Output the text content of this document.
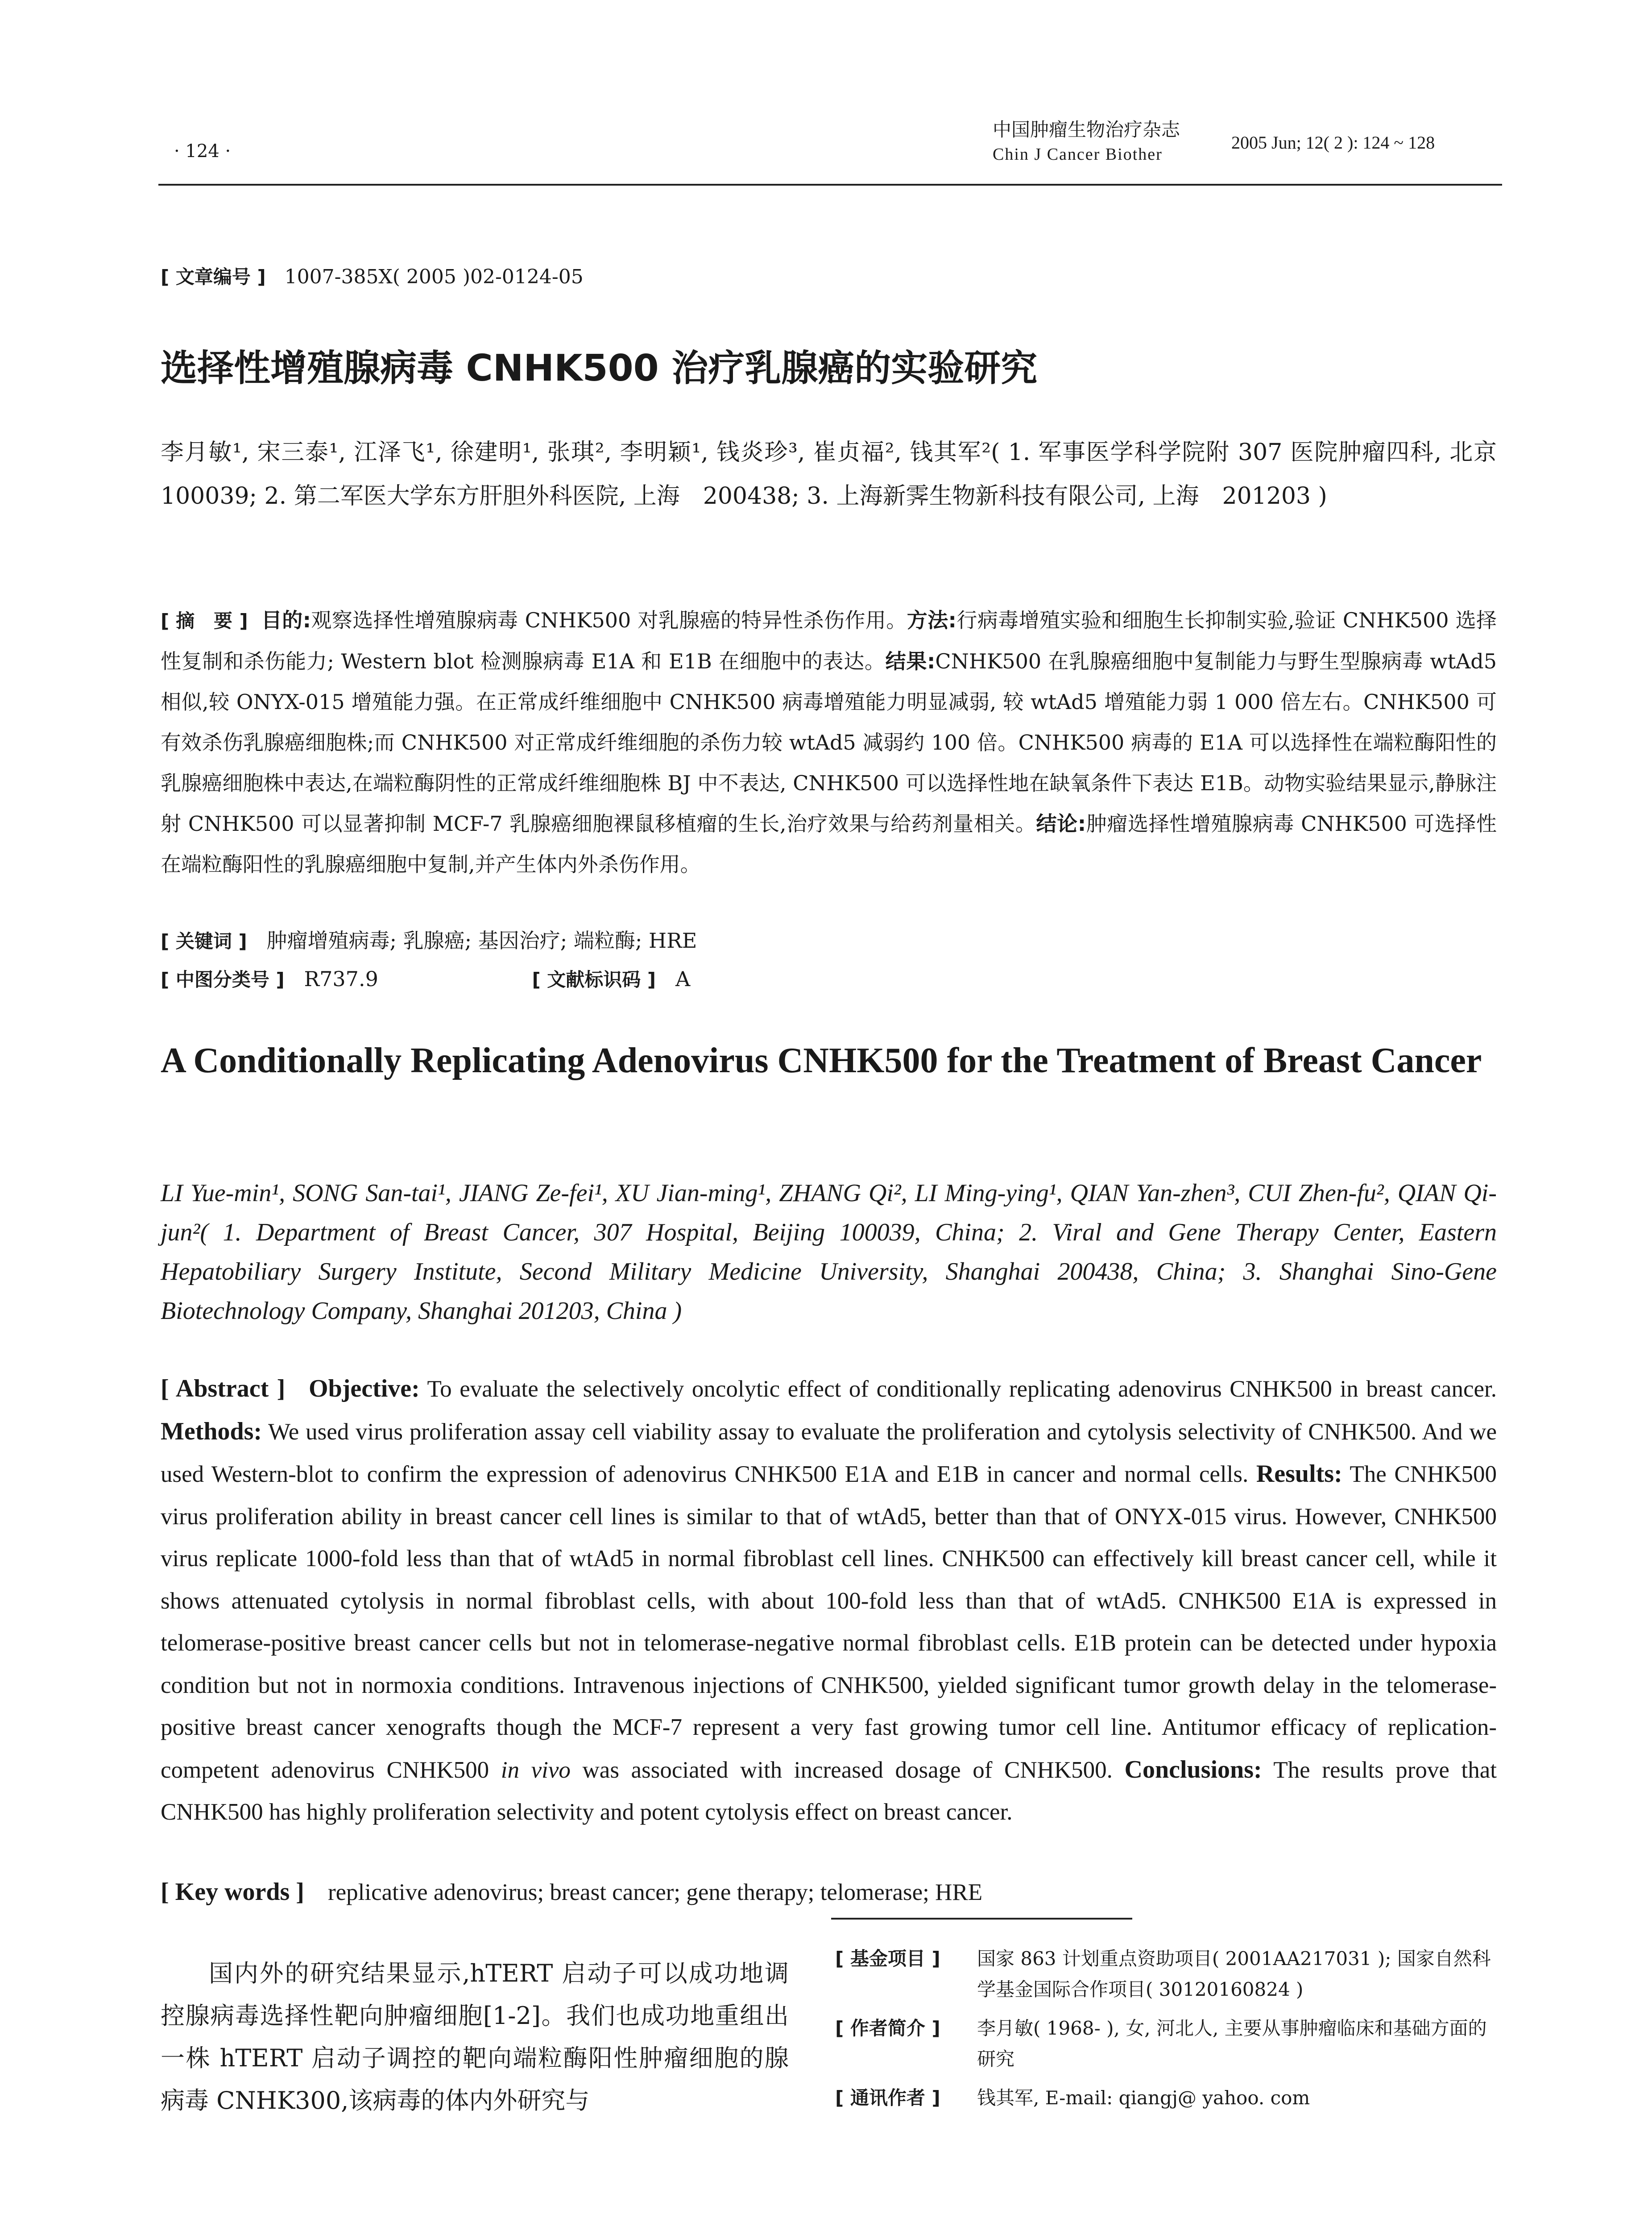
· 124 ·
中国肿瘤生物治疗杂志
Chin J Cancer Biother
2005 Jun; 12( 2 ): 124 ~ 128
[ 文章编号 ] 1007-385X( 2005 )02-0124-05
选择性增殖腺病毒 CNHK500 治疗乳腺癌的实验研究
李月敏¹, 宋三泰¹, 江泽飞¹, 徐建明¹, 张琪², 李明颖¹, 钱炎珍³, 崔贞福², 钱其军²( 1. 军事医学科学院附 307 医院肿瘤四科, 北京　100039; 2. 第二军医大学东方肝胆外科医院, 上海　200438; 3. 上海新霁生物新科技有限公司, 上海　201203 )
[ 摘　要 ] 目的:观察选择性增殖腺病毒 CNHK500 对乳腺癌的特异性杀伤作用。方法:行病毒增殖实验和细胞生长抑制实验,验证 CNHK500 选择性复制和杀伤能力; Western blot 检测腺病毒 E1A 和 E1B 在细胞中的表达。结果:CNHK500 在乳腺癌细胞中复制能力与野生型腺病毒 wtAd5 相似,较 ONYX-015 增殖能力强。在正常成纤维细胞中 CNHK500 病毒增殖能力明显减弱, 较 wtAd5 增殖能力弱 1 000 倍左右。CNHK500 可有效杀伤乳腺癌细胞株;而 CNHK500 对正常成纤维细胞的杀伤力较 wtAd5 减弱约 100 倍。CNHK500 病毒的 E1A 可以选择性在端粒酶阳性的乳腺癌细胞株中表达,在端粒酶阴性的正常成纤维细胞株 BJ 中不表达, CNHK500 可以选择性地在缺氧条件下表达 E1B。动物实验结果显示,静脉注射 CNHK500 可以显著抑制 MCF-7 乳腺癌细胞裸鼠移植瘤的生长,治疗效果与给药剂量相关。结论:肿瘤选择性增殖腺病毒 CNHK500 可选择性在端粒酶阳性的乳腺癌细胞中复制,并产生体内外杀伤作用。
[ 关键词 ] 肿瘤增殖病毒; 乳腺癌; 基因治疗; 端粒酶; HRE
[ 中图分类号 ] R737.9	[ 文献标识码 ] A
A Conditionally Replicating Adenovirus CNHK500 for the Treatment of Breast Cancer
LI Yue-min¹, SONG San-tai¹, JIANG Ze-fei¹, XU Jian-ming¹, ZHANG Qi², LI Ming-ying¹, QIAN Yan-zhen³, CUI Zhen-fu², QIAN Qi-jun²( 1. Department of Breast Cancer, 307 Hospital, Beijing 100039, China; 2. Viral and Gene Therapy Center, Eastern Hepatobiliary Surgery Institute, Second Military Medicine University, Shanghai 200438, China; 3. Shanghai Sino-Gene Biotechnology Company, Shanghai 201203, China )
[ Abstract ] Objective: To evaluate the selectively oncolytic effect of conditionally replicating adenovirus CNHK500 in breast cancer. Methods: We used virus proliferation assay cell viability assay to evaluate the proliferation and cytolysis selectivity of CNHK500. And we used Western-blot to confirm the expression of adenovirus CNHK500 E1A and E1B in cancer and normal cells. Results: The CNHK500 virus proliferation ability in breast cancer cell lines is similar to that of wtAd5, better than that of ONYX-015 virus. However, CNHK500 virus replicate 1000-fold less than that of wtAd5 in normal fibroblast cell lines. CNHK500 can effectively kill breast cancer cell, while it shows attenuated cytolysis in normal fibroblast cells, with about 100-fold less than that of wtAd5. CNHK500 E1A is expressed in telomerase-positive breast cancer cells but not in telomerase-negative normal fibroblast cells. E1B protein can be detected under hypoxia condition but not in normoxia conditions. Intravenous injections of CNHK500, yielded significant tumor growth delay in the telomerase-positive breast cancer xenografts though the MCF-7 represent a very fast growing tumor cell line. Antitumor efficacy of replication-competent adenovirus CNHK500 in vivo was associated with increased dosage of CNHK500. Conclusions: The results prove that CNHK500 has highly proliferation selectivity and potent cytolysis effect on breast cancer.
[ Key words ] replicative adenovirus; breast cancer; gene therapy; telomerase; HRE
国内外的研究结果显示,hTERT 启动子可以成功地调控腺病毒选择性靶向肿瘤细胞[1-2]。我们也成功地重组出一株 hTERT 启动子调控的靶向端粒酶阳性肿瘤细胞的腺病毒 CNHK300,该病毒的体内外研究与
[ 基金项目 ]	国家 863 计划重点资助项目( 2001AA217031 ); 国家自然科学基金国际合作项目( 30120160824 )
[ 作者简介 ]	李月敏( 1968- ), 女, 河北人, 主要从事肿瘤临床和基础方面的研究
[ 通讯作者 ]	钱其军, E-mail: qiangj@ yahoo. com
